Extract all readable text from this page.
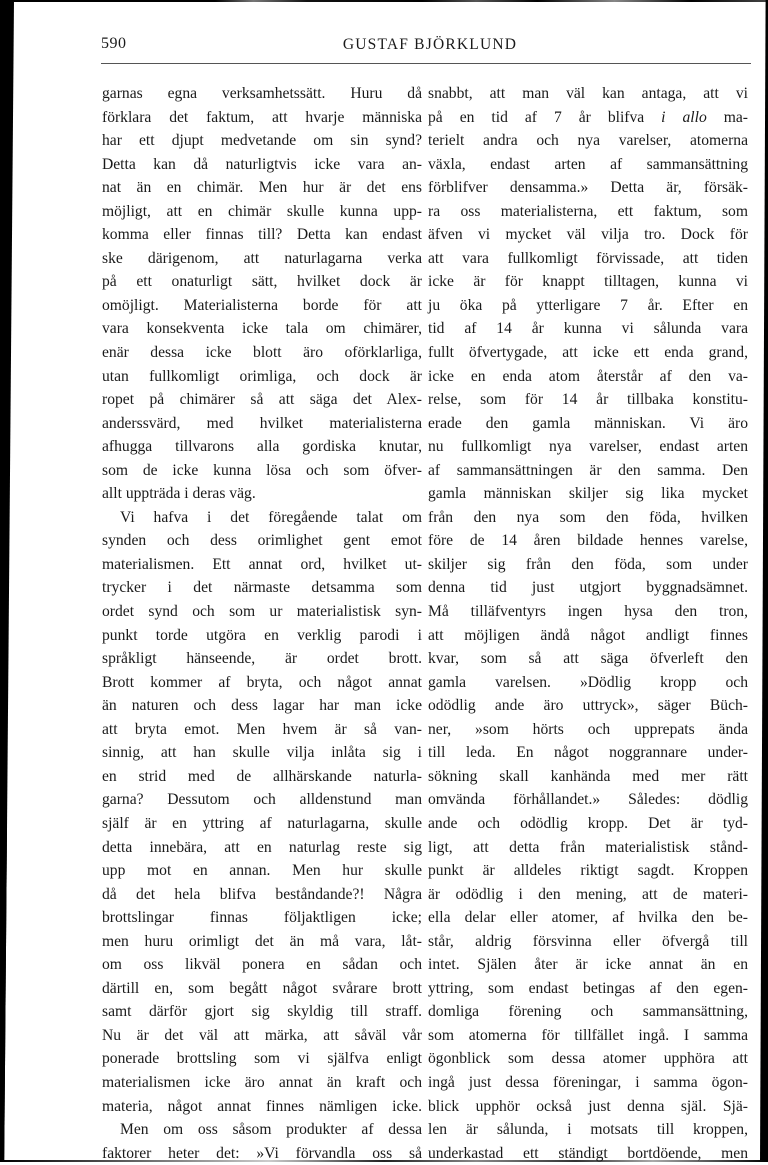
590	GUSTAF BJÖRKLUND
garnas egna verksamhetssätt. Huru då
förklara det faktum, att hvarje människa
har ett djupt medvetande om sin synd?
Detta kan då naturligtvis icke vara an-
nat än en chimär. Men hur är det ens
möjligt, att en chimär skulle kunna upp-
komma eller finnas till? Detta kan endast
ske därigenom, att naturlagarna verka
på ett onaturligt sätt, hvilket dock är
omöjligt. Materialisterna borde för att
vara konsekventa icke tala om chimärer,
enär dessa icke blott äro oförklarliga,
utan fullkomligt orimliga, och dock är
ropet på chimärer så att säga det Alex-
anderssvärd, med hvilket materialisterna
afhugga tillvarons alla gordiska knutar,
som de icke kunna lösa och som öfver-
allt uppträda i deras väg.
Vi hafva i det föregående talat om
synden och dess orimlighet gent emot
materialismen. Ett annat ord, hvilket ut-
trycker i det närmaste detsamma som
ordet synd och som ur materialistisk syn-
punkt torde utgöra en verklig parodi i
språkligt hänseende, är ordet brott.
Brott kommer af bryta, och något annat
än naturen och dess lagar har man icke
att bryta emot. Men hvem är så van-
sinnig, att han skulle vilja inlåta sig i
en strid med de allhärskande naturla-
garna? Dessutom och alldenstund man
själf är en yttring af naturlagarna, skulle
detta innebära, att en naturlag reste sig
upp mot en annan. Men hur skulle
då det hela blifva beståndande?! Några
brottslingar finnas följaktligen icke;
men huru orimligt det än må vara, låt-
om oss likväl ponera en sådan och
därtill en, som begått något svårare brott
samt därför gjort sig skyldig till straff.
Nu är det väl att märka, att såväl vår
ponerade brottsling som vi själfva enligt
materialismen icke äro annat än kraft och
materia, något annat finnes nämligen icke.
Men om oss såsom produkter af dessa
faktorer heter det: »Vi förvandla oss så
snabbt, att man väl kan antaga, att vi
på en tid af 7 år blifva i allo ma-
terielt andra och nya varelser, atomerna
växla, endast arten af sammansättning
förblifver densamma.» Detta är, försäk-
ra oss materialisterna, ett faktum, som
äfven vi mycket väl vilja tro. Dock för
att vara fullkomligt förvissade, att tiden
icke är för knappt tilltagen, kunna vi
ju öka på ytterligare 7 år. Efter en
tid af 14 år kunna vi sålunda vara
fullt öfvertygade, att icke ett enda grand,
icke en enda atom återstår af den va-
relse, som för 14 år tillbaka konstitu-
erade den gamla människan. Vi äro
nu fullkomligt nya varelser, endast arten
af sammansättningen är den samma. Den
gamla människan skiljer sig lika mycket
från den nya som den föda, hvilken
före de 14 åren bildade hennes varelse,
skiljer sig från den föda, som under
denna tid just utgjort byggnadsämnet.
Må tilläfventyrs ingen hysa den tron,
att möjligen ändå något andligt finnes
kvar, som så att säga öfverleft den
gamla varelsen. »Dödlig kropp och
odödlig ande äro uttryck», säger Büch-
ner, »som hörts och upprepats ända
till leda. En något noggrannare under-
sökning skall kanhända med mer rätt
omvända förhållandet.» Således: dödlig
ande och odödlig kropp. Det är tyd-
ligt, att detta från materialistisk stånd-
punkt är alldeles riktigt sagdt. Kroppen
är odödlig i den mening, att de materi-
ella delar eller atomer, af hvilka den be-
står, aldrig försvinna eller öfvergå till
intet. Själen åter är icke annat än en
yttring, som endast betingas af den egen-
domliga förening och sammansättning,
som atomerna för tillfället ingå. I samma
ögonblick som dessa atomer upphöra att
ingå just dessa föreningar, i samma ögon-
blick upphör också just denna själ. Sjä-
len är sålunda, i motsats till kroppen,
underkastad ett ständigt bortdöende, men
